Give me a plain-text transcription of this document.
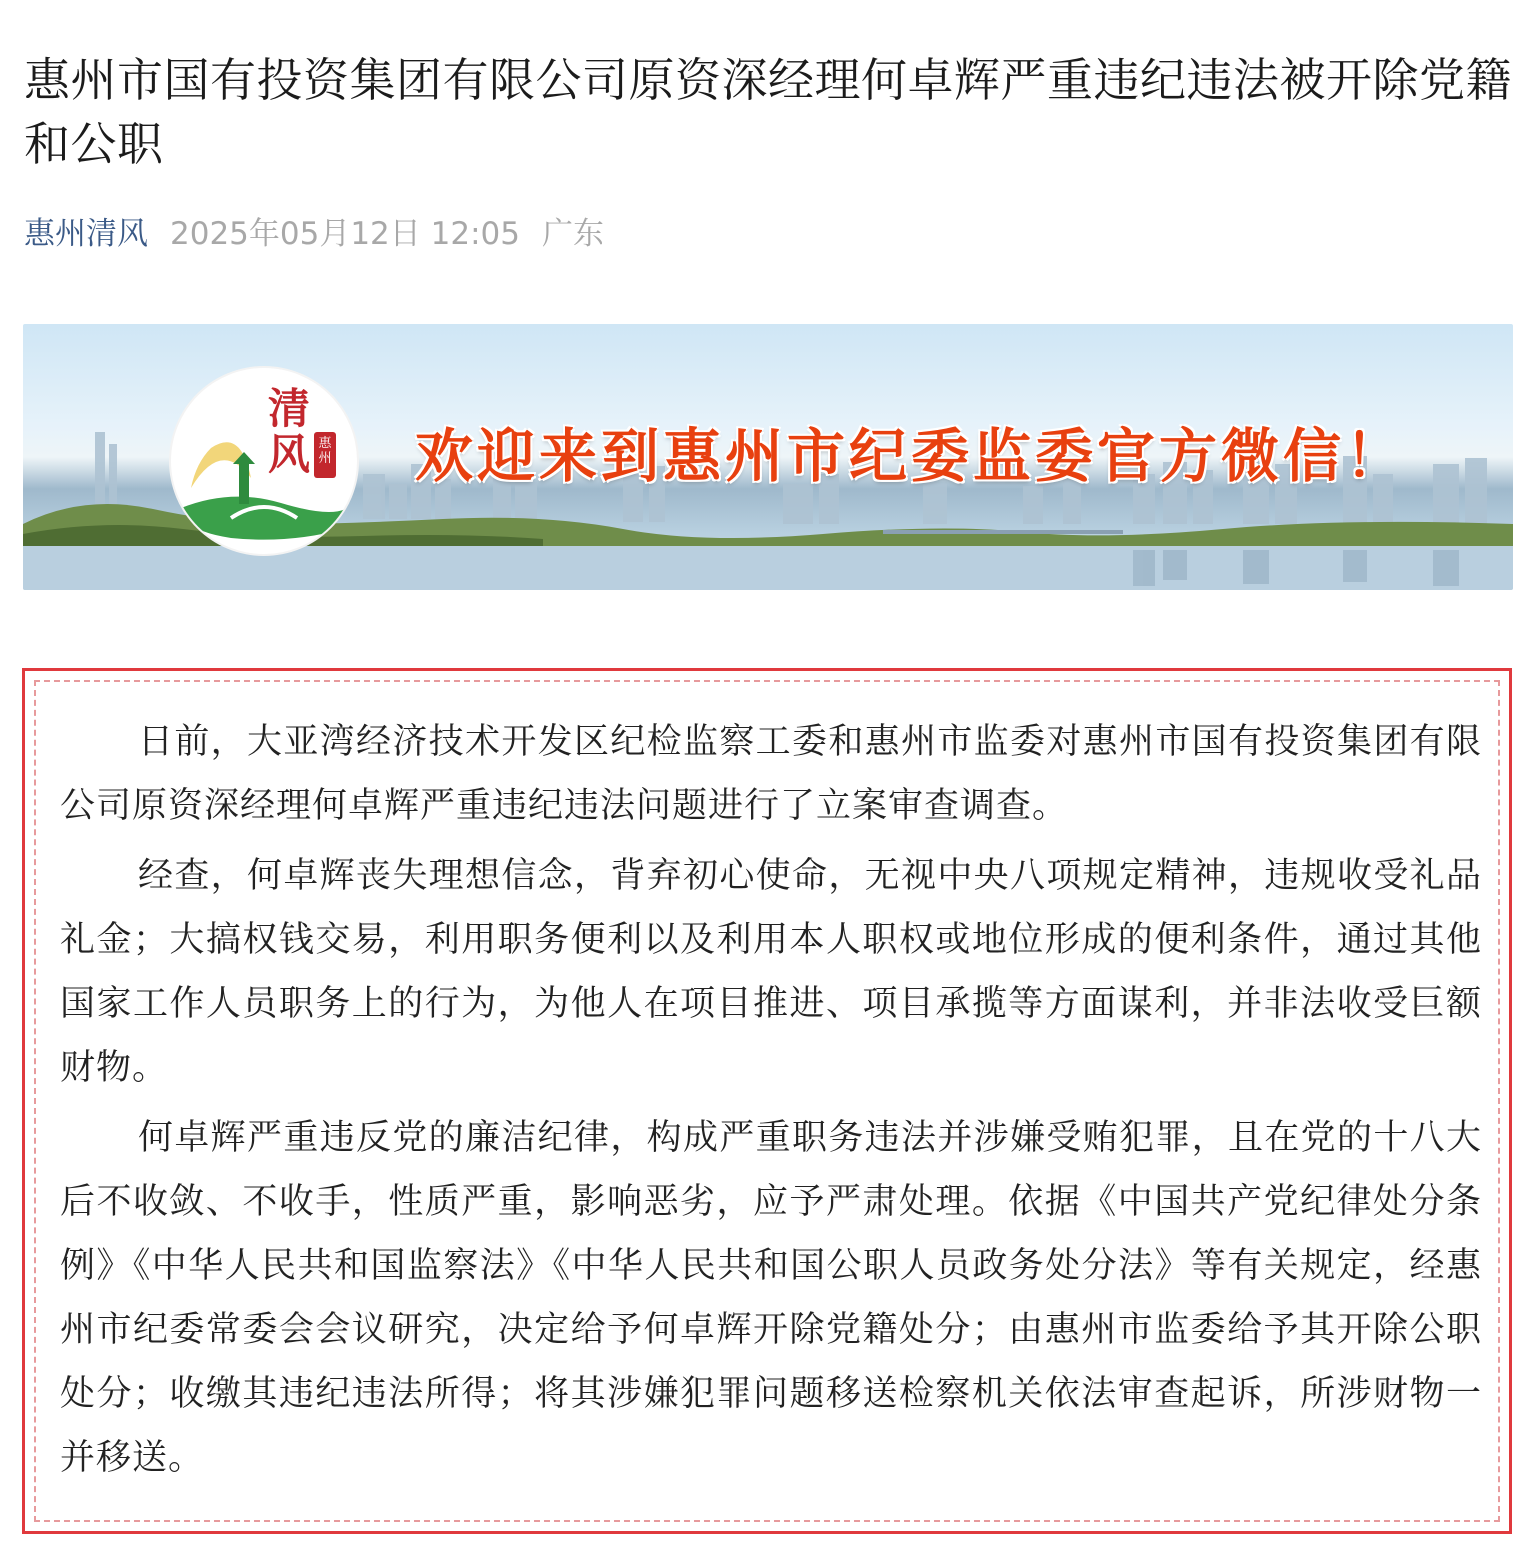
惠州市国有投资集团有限公司原资深经理何卓辉严重违纪违法被开除党籍和公职
惠州清风 2025年05月12日 12:05 广东
清
风 惠州 欢迎来到惠州市纪委监委官方微信！

日前，大亚湾经济技术开发区纪检监察工委和惠州市监委对惠州市国有投资集团有限公司原资深经理何卓辉严重违纪违法问题进行了立案审查调查。

经查，何卓辉丧失理想信念，背弃初心使命，无视中央八项规定精神，违规收受礼品礼金；大搞权钱交易，利用职务便利以及利用本人职权或地位形成的便利条件，通过其他国家工作人员职务上的行为，为他人在项目推进、项目承揽等方面谋利，并非法收受巨额财物。

何卓辉严重违反党的廉洁纪律，构成严重职务违法并涉嫌受贿犯罪，且在党的十八大后不收敛、不收手，性质严重，影响恶劣，应予严肃处理。依据《中国共产党纪律处分条例》《中华人民共和国监察法》《中华人民共和国公职人员政务处分法》等有关规定，经惠州市纪委常委会会议研究，决定给予何卓辉开除党籍处分；由惠州市监委给予其开除公职处分；收缴其违纪违法所得；将其涉嫌犯罪问题移送检察机关依法审查起诉，所涉财物一并移送。
